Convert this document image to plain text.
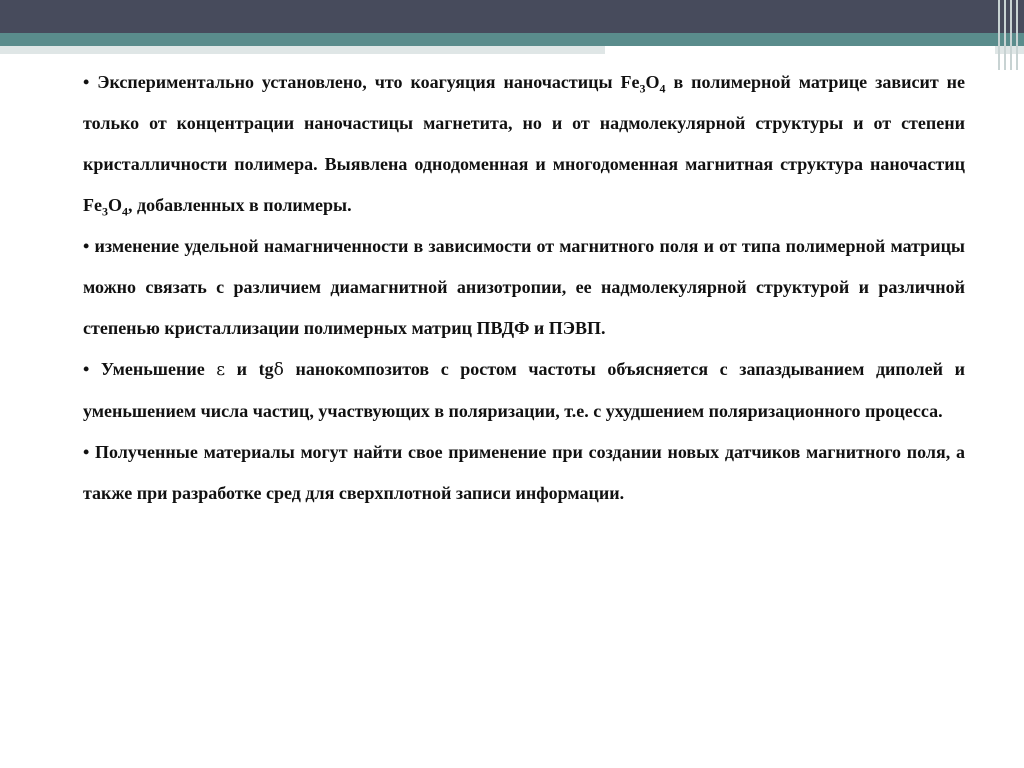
• Экспериментально установлено, что коагуяция наночастицы $Fe_3O_4$ в полимерной матрице зависит не только от концентрации наночастицы магнетита, но и от надмолекулярной структуры и от степени кристалличности полимера. Выявлена однодоменная и многодоменная магнитная структура наночастиц $Fe_3O_4$, добавленных в полимеры.

• изменение удельной намагниченности в зависимости от магнитного поля и от типа полимерной матрицы можно связать с различием диамагнитной анизотропии, ее надмолекулярной структурой и различной степенью кристаллизации полимерных матриц ПВДФ и ПЭВП.

• Уменьшение ε и tgδ нанокомпозитов с ростом частоты объясняется с запаздыванием диполей и уменьшением числа частиц, участвующих в поляризации, т.е. с ухудшением поляризационного процесса.

• Полученные материалы могут найти свое применение при создании новых датчиков магнитного поля, а также при разработке сред для сверхплотной записи информации.
